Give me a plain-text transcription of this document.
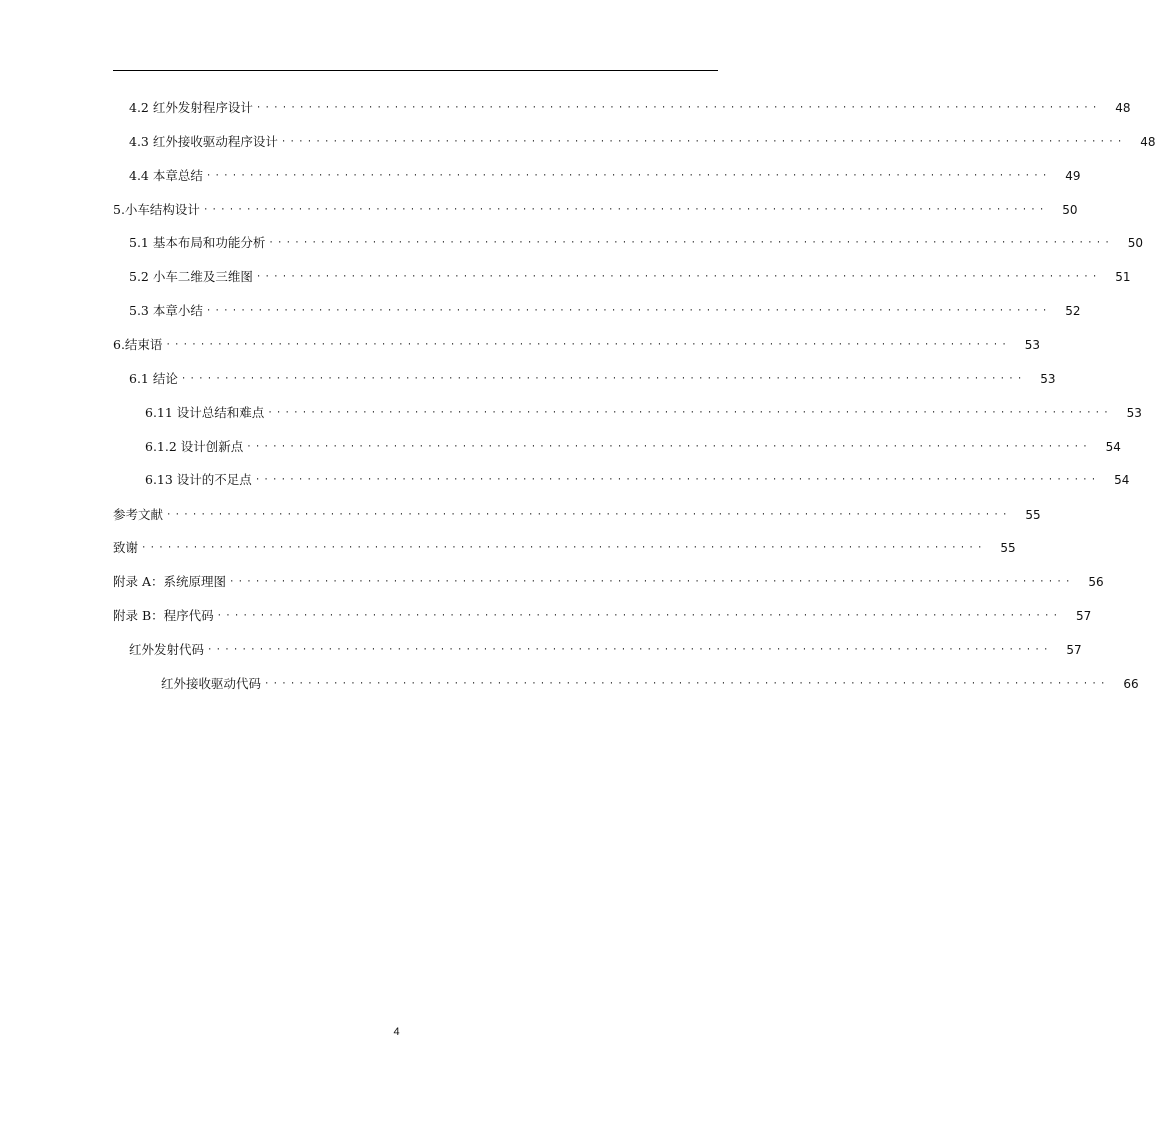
4.2 红外发射程序设计 ··································································································	48
4.3 红外接收驱动程序设计 ··································································································	48
4.4 本章总结 ··································································································	49
5.小车结构设计 ··································································································	50
5.1 基本布局和功能分析 ··································································································	50
5.2 小车二维及三维图 ··································································································	51
5.3 本章小结 ··································································································	52
6.结束语 ··································································································	53
6.1 结论 ··································································································	53
6.11 设计总结和难点 ··································································································	53
6.1.2 设计创新点 ··································································································	54
6.13 设计的不足点 ··································································································	54
参考文献 ··································································································	55
致谢 ··································································································	55
附录 A：系统原理图 ··································································································	56
附录 B：程序代码 ··································································································	57
红外发射代码 ··································································································	57
红外接收驱动代码 ··································································································	66
4
